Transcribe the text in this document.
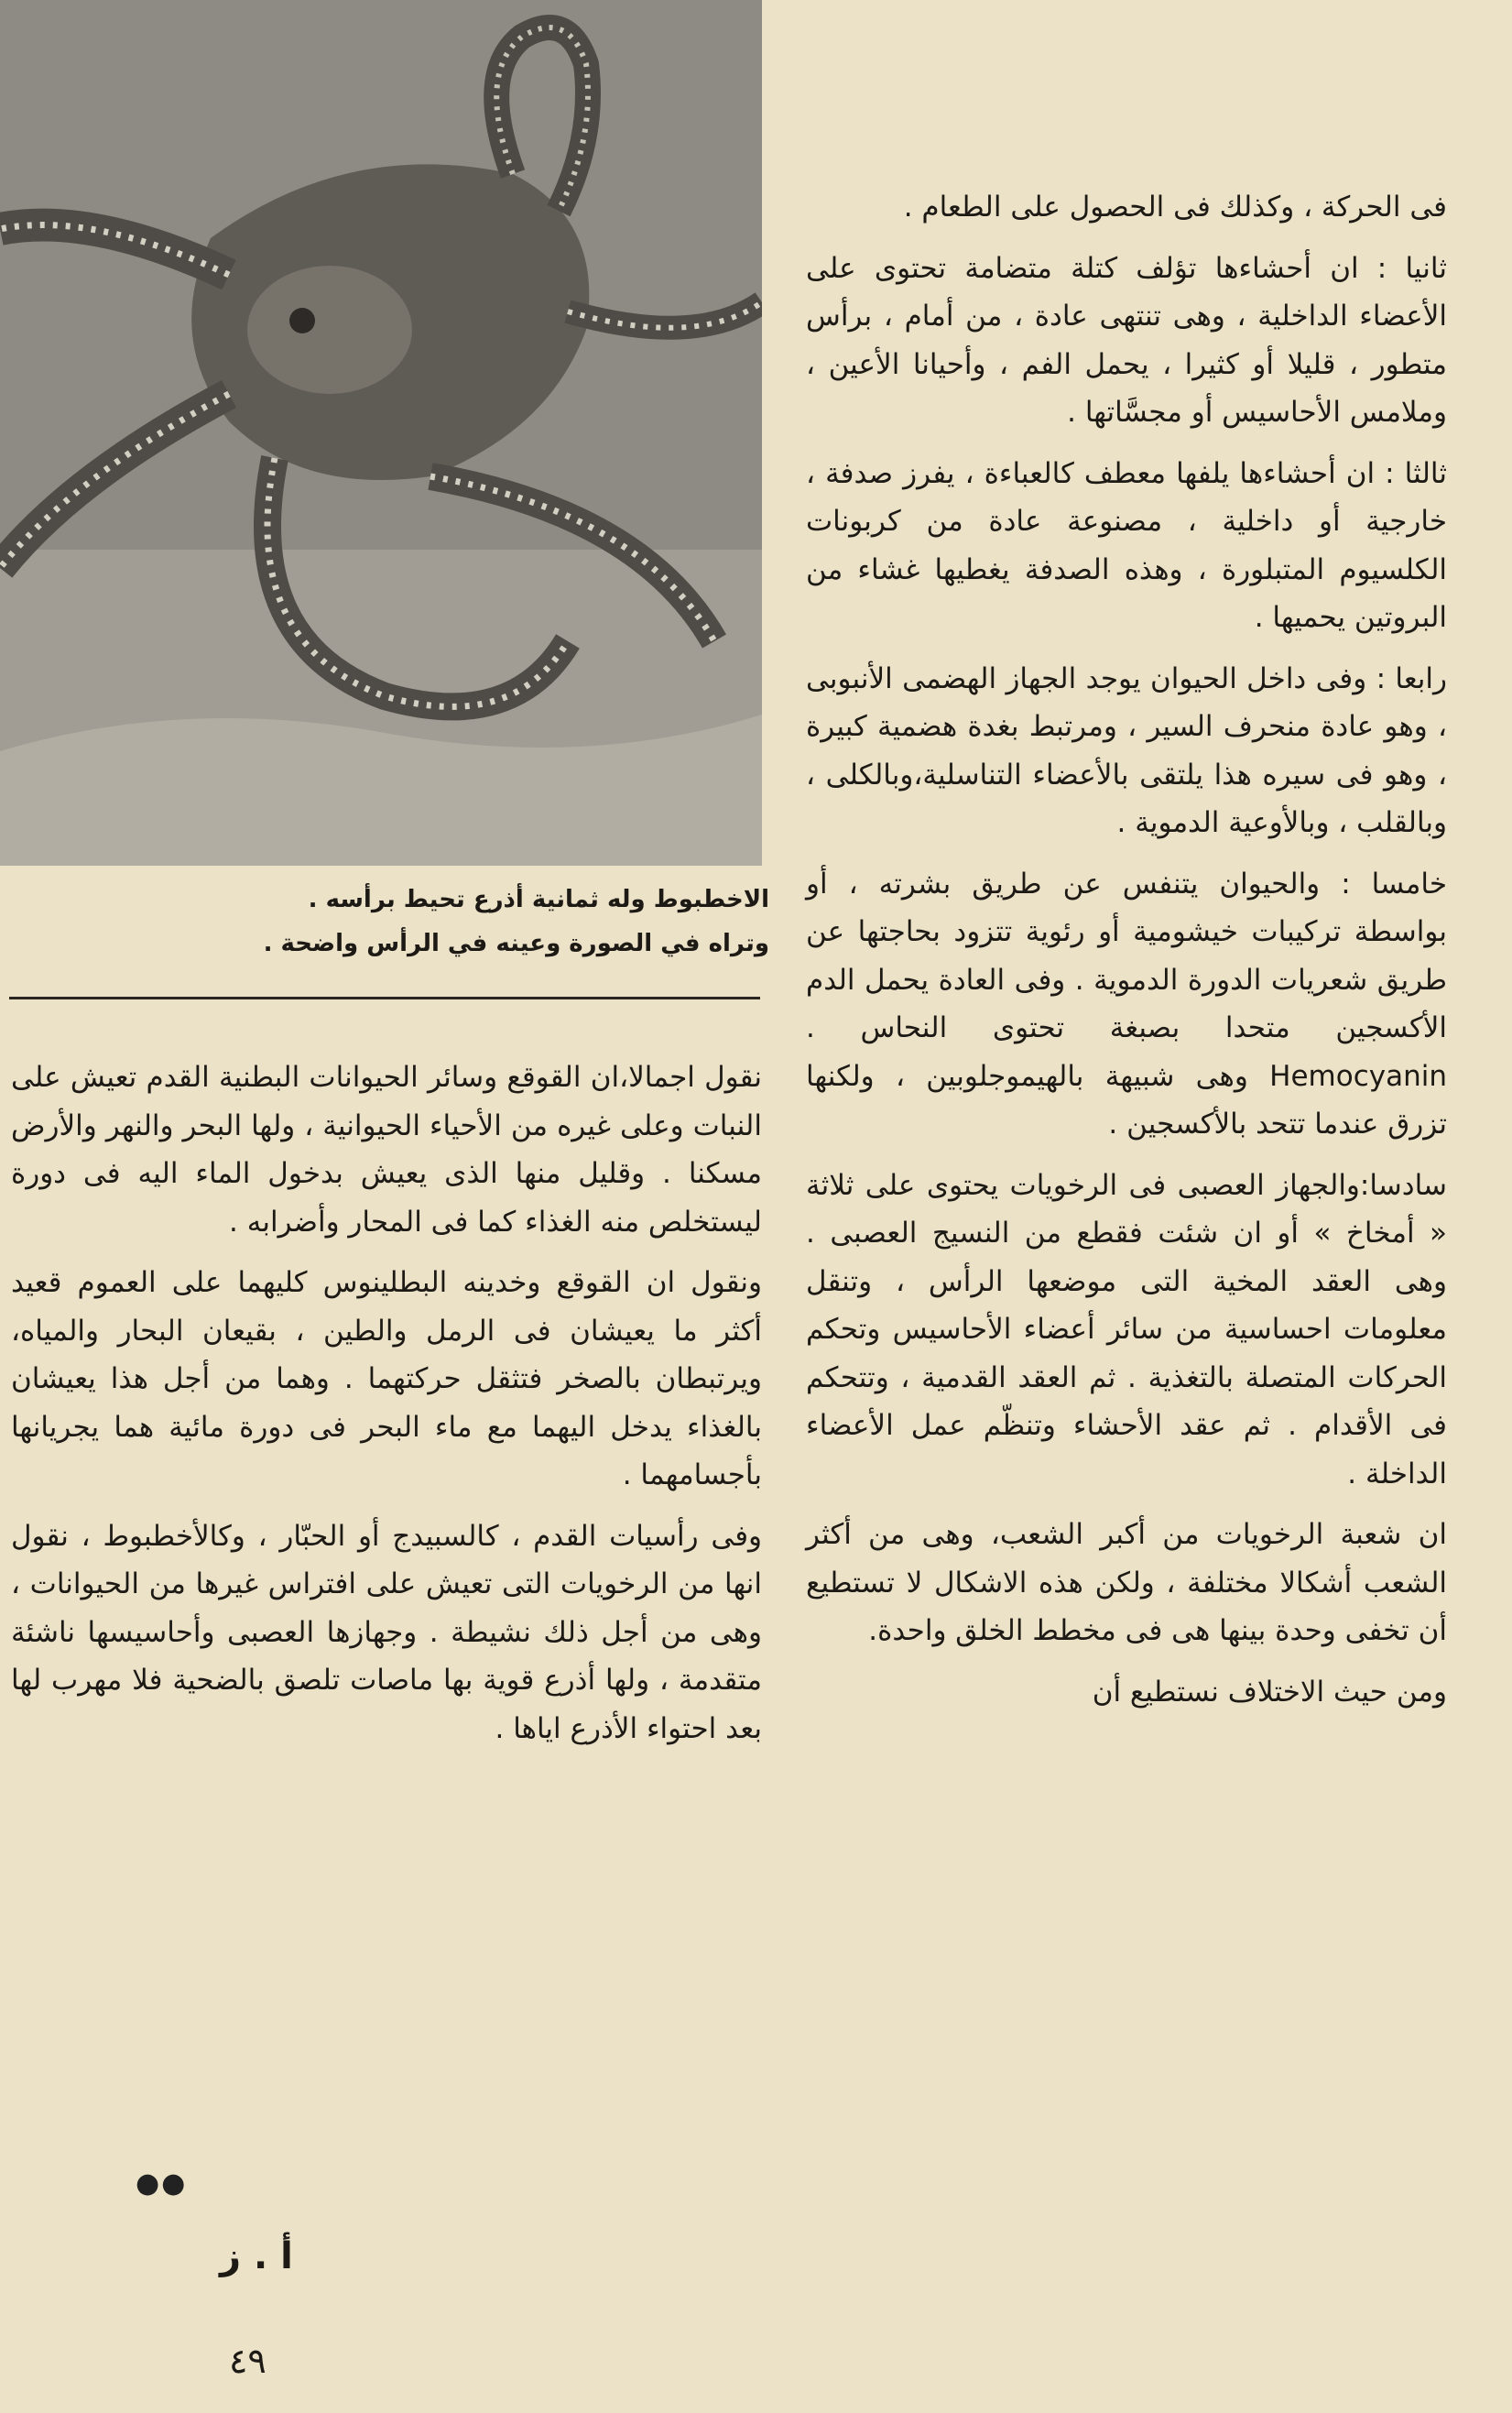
الاخطبوط وله ثمانية أذرع تحيط برأسه .
وتراه في الصورة وعينه في الرأس واضحة .

فى الحركة ، وكذلك فى الحصول على الطعام .

ثانيا : ان أحشاءها تؤلف كتلة متضامة تحتوى على الأعضاء الداخلية ، وهى تنتهى عادة ، من أمام ، برأس متطور ، قليلا أو كثيرا ، يحمل الفم ، وأحيانا الأعين ، وملامس الأحاسيس أو مجسَّاتها .

ثالثا : ان أحشاءها يلفها معطف كالعباءة ، يفرز صدفة ، خارجية أو داخلية ، مصنوعة عادة من كربونات الكلسيوم المتبلورة ، وهذه الصدفة يغطيها غشاء من البروتين يحميها .

رابعا : وفى داخل الحيوان يوجد الجهاز الهضمى الأنبوبى ، وهو عادة منحرف السير ، ومرتبط بغدة هضمية كبيرة ، وهو فى سيره هذا يلتقى بالأعضاء التناسلية،وبالكلى ، وبالقلب ، وبالأوعية الدموية .

خامسا : والحيوان يتنفس عن طريق بشرته ، أو بواسطة تركيبات خيشومية أو رئوية تتزود بحاجتها عن طريق شعريات الدورة الدموية . وفى العادة يحمل الدم الأكسجين متحدا بصبغة تحتوى النحاس . Hemocyanin وهى شبيهة بالهيموجلوبين ، ولكنها تزرق عندما تتحد بالأكسجين .

سادسا:والجهاز العصبى فى الرخويات يحتوى على ثلاثة « أمخاخ » أو ان شئت فقطع من النسيج العصبى . وهى العقد المخية التى موضعها الرأس ، وتنقل معلومات احساسية من سائر أعضاء الأحاسيس وتحكم الحركات المتصلة بالتغذية . ثم العقد القدمية ، وتتحكم فى الأقدام . ثم عقد الأحشاء وتنظّم عمل الأعضاء الداخلة .

ان شعبة الرخويات من أكبر الشعب، وهى من أكثر الشعب أشكالا مختلفة ، ولكن هذه الاشكال لا تستطيع أن تخفى وحدة بينها هى فى مخطط الخلق واحدة.

ومن حيث الاختلاف نستطيع أن

نقول اجمالا،ان القوقع وسائر الحيوانات البطنية القدم تعيش على النبات وعلى غيره من الأحياء الحيوانية ، ولها البحر والنهر والأرض مسكنا . وقليل منها الذى يعيش بدخول الماء اليه فى دورة ليستخلص منه الغذاء كما فى المحار وأضرابه .

ونقول ان القوقع وخدينه البطلينوس كليهما على العموم قعيد أكثر ما يعيشان فى الرمل والطين ، بقيعان البحار والمياه، ويرتبطان بالصخر فتثقل حركتهما . وهما من أجل هذا يعيشان بالغذاء يدخل اليهما مع ماء البحر فى دورة مائية هما يجريانها بأجسامهما .

وفى رأسيات القدم ، كالسبيدج أو الحبّار ، وكالأخطبوط ، نقول انها من الرخويات التى تعيش على افتراس غيرها من الحيوانات ، وهى من أجل ذلك نشيطة . وجهازها العصبى وأحاسيسها ناشئة متقدمة ، ولها أذرع قوية بها ماصات تلصق بالضحية فلا مهرب لها بعد احتواء الأذرع اياها .

●●
أ . ز
٤٩
